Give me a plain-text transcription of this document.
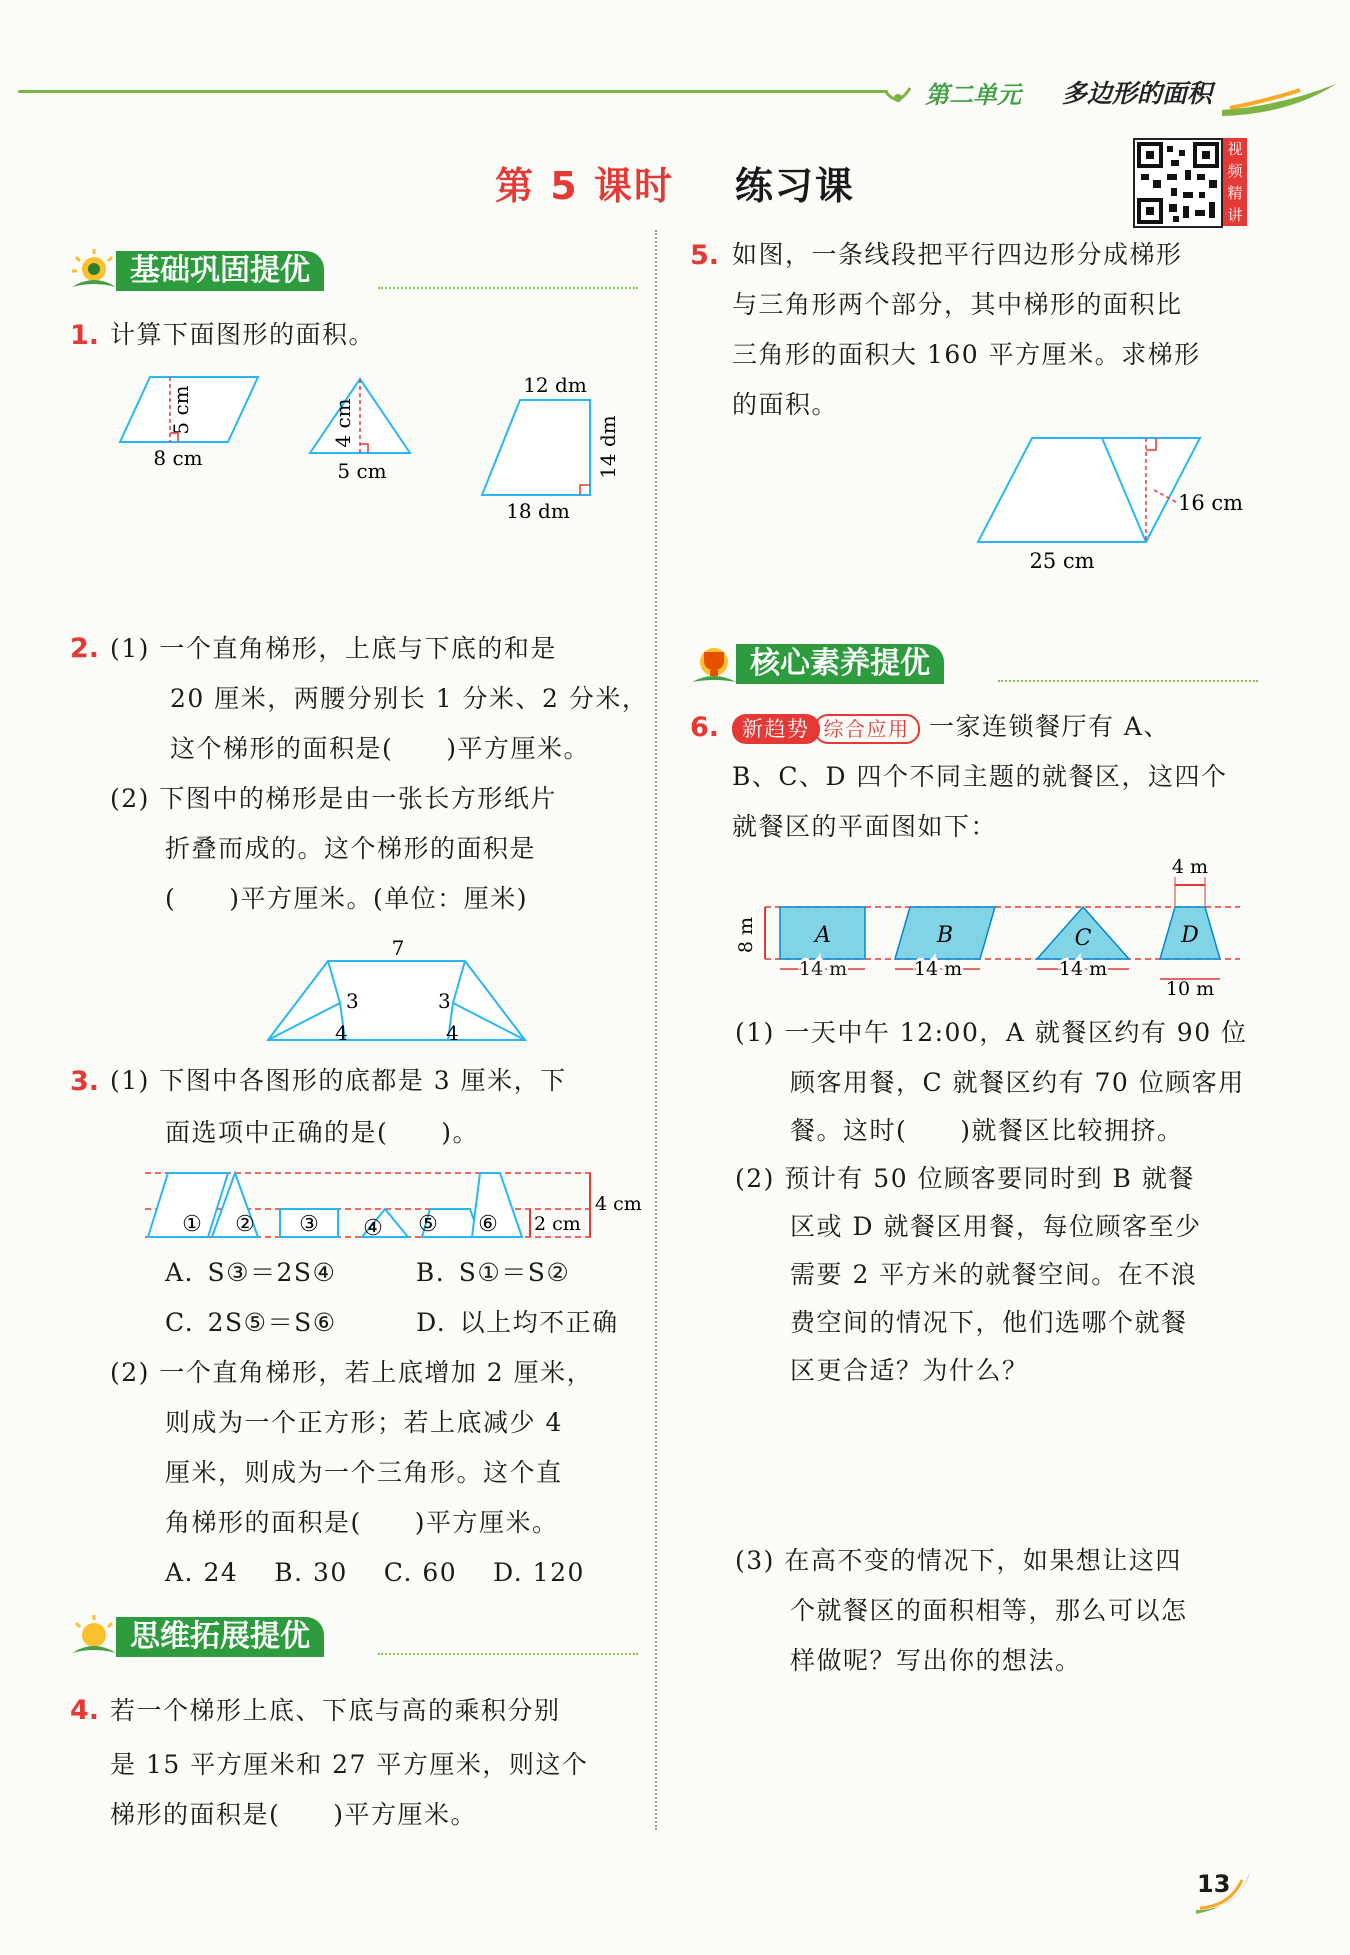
第二单元 多边形的面积
第 5 课时 练习课
视频精讲
基础巩固提优
1. 计算下面图形的面积。
5 cm
8 cm
4 cm
5 cm
12 dm
14 dm
18 dm
2. (1) 一个直角梯形，上底与下底的和是
20 厘米，两腰分别长 1 分米、2 分米，
这个梯形的面积是(　　)平方厘米。
(2) 下图中的梯形是由一张长方形纸片
折叠而成的。这个梯形的面积是
(　　)平方厘米。(单位：厘米)
7
3	3
4	4
3. (1) 下图中各图形的底都是 3 厘米，下
面选项中正确的是(　　)。
① ② ③ ④ ⑤ ⑥ 2 cm
4 cm
A. S③＝2S④　　　B. S①＝S②
C. 2S⑤＝S⑥　　　D. 以上均不正确
(2) 一个直角梯形，若上底增加 2 厘米，
则成为一个正方形；若上底减少 4
厘米，则成为一个三角形。这个直
角梯形的面积是(　　)平方厘米。
A. 24　 B. 30　 C. 60　 D. 120
思维拓展提优
4. 若一个梯形上底、下底与高的乘积分别
是 15 平方厘米和 27 平方厘米，则这个
梯形的面积是(　　)平方厘米。
5. 如图，一条线段把平行四边形分成梯形
与三角形两个部分，其中梯形的面积比
三角形的面积大 160 平方厘米。求梯形
的面积。
16 cm
25 cm
核心素养提优
6.	新趋势 综合应用 一家连锁餐厅有 A、
B、C、D 四个不同主题的就餐区，这四个
就餐区的平面图如下：
8 m	A	B	C	D
4 m
14 m	14 m	14 m
10 m
(1) 一天中午 12:00，A 就餐区约有 90 位
顾客用餐，C 就餐区约有 70 位顾客用
餐。这时(　　)就餐区比较拥挤。
(2) 预计有 50 位顾客要同时到 B 就餐
区或 D 就餐区用餐，每位顾客至少
需要 2 平方米的就餐空间。在不浪
费空间的情况下，他们选哪个就餐
区更合适？为什么？
(3) 在高不变的情况下，如果想让这四
个就餐区的面积相等，那么可以怎
样做呢？写出你的想法。
13
